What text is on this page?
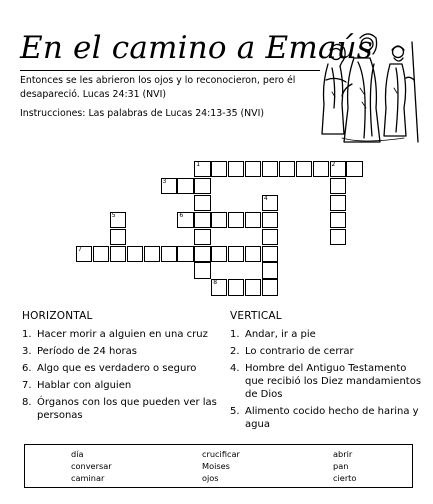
En el camino a Emaús
Entonces se les abrieron los ojos y lo reconocieron, pero él desapareció. Lucas 24:31 (NVI)
Instrucciones: Las palabras de Lucas 24:13-35 (NVI)
1	2
3
4
5	6
7
8
HORIZONTAL
1. Hacer morir a alguien en una cruz
3. Período de 24 horas
6. Algo que es verdadero o seguro
7. Hablar con alguien
8. Órganos con los que pueden ver las personas
VERTICAL
1. Andar, ir a pie
2. Lo contrario de cerrar
4. Hombre del Antiguo Testamento que recibió los Diez mandamientos de Dios
5. Alimento cocido hecho de harina y agua
día
conversar
caminar
crucificar
Moises
ojos
abrir
pan
cierto
